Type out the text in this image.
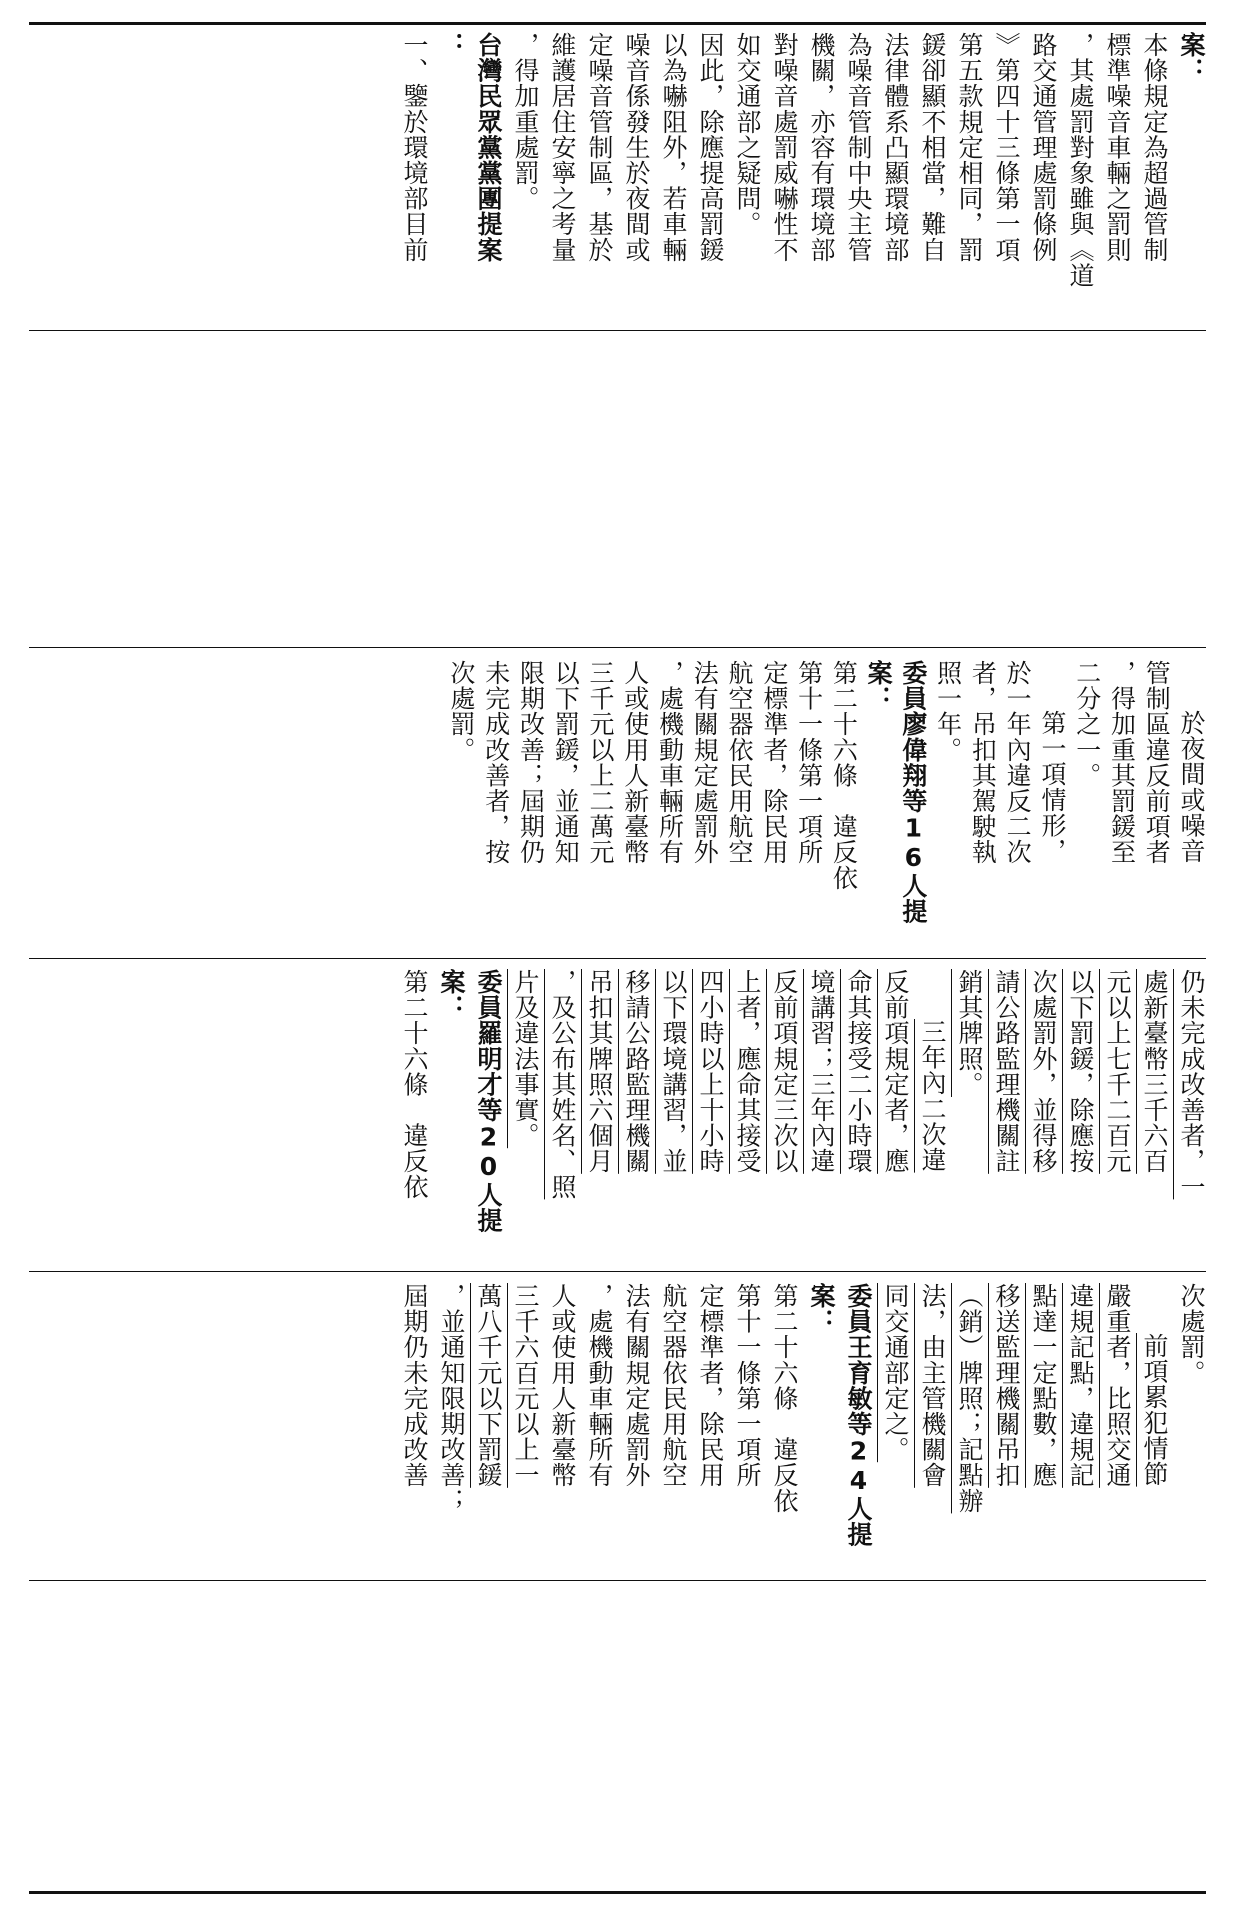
次處罰。
前項累犯情節
嚴重者，比照交通
違規記點，違規記
點達一定點數，應
移送監理機關吊扣
（銷）牌照；記點辦
法，由主管機關會
同交通部定之。
委員王育敏等24人提
案：
第二十六條　違反依
第十一條第一項所
定標準者，除民用
航空器依民用航空
法有關規定處罰外
，處機動車輛所有
人或使用人新臺幣
三千六百元以上一
萬八千元以下罰鍰
，並通知限期改善；
屆期仍未完成改善
仍未完成改善者，一
處新臺幣三千六百
元以上七千二百元
以下罰鍰，除應按
次處罰外，並得移
請公路監理機關註
銷其牌照。
三年內二次違
反前項規定者，應
命其接受二小時環
境講習；三年內違
反前項規定三次以
上者，應命其接受
四小時以上十小時
以下環境講習，並
移請公路監理機關
吊扣其牌照六個月
，及公布其姓名、照
片及違法事實。
委員羅明才等20人提
案：
第二十六條　違反依
於夜間或噪音
管制區違反前項者
，得加重其罰鍰至
二分之一。
第一項情形，
於一年內違反二次
者，吊扣其駕駛執
照一年。
委員廖偉翔等16人提
案：
第二十六條　違反依
第十一條第一項所
定標準者，除民用
航空器依民用航空
法有關規定處罰外
，處機動車輛所有
人或使用人新臺幣
三千元以上二萬元
以下罰鍰，並通知
限期改善；屆期仍
未完成改善者，按
次處罰。
案：
本條規定為超過管制
標準噪音車輛之罰則
，其處罰對象雖與《道
路交通管理處罰條例
》第四十三條第一項
第五款規定相同，罰
鍰卻顯不相當，難自
法律體系凸顯環境部
為噪音管制中央主管
機關，亦容有環境部
對噪音處罰威嚇性不
如交通部之疑問。
因此，除應提高罰鍰
以為嚇阻外，若車輛
噪音係發生於夜間或
定噪音管制區，基於
維護居住安寧之考量
，得加重處罰。
台灣民眾黨黨團提案
：
一、鑒於環境部目前
